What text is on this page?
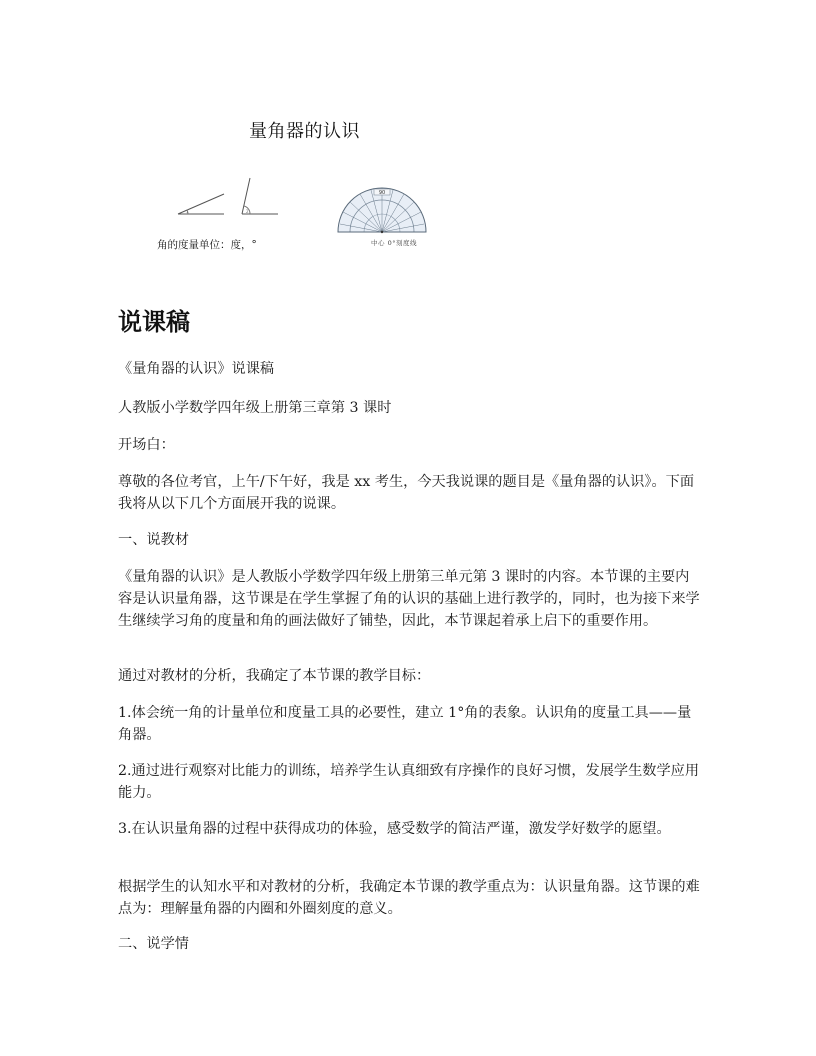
量角器的认识
1	2
90
角的度量单位：度，°	中心 0°刻度线
说课稿

《量角器的认识》说课稿

人教版小学数学四年级上册第三章第 3 课时

开场白：

尊敬的各位考官，上午/下午好，我是 xx 考生，今天我说课的题目是《量角器的认识》。下面我将从以下几个方面展开我的说课。

一、说教材

《量角器的认识》是人教版小学数学四年级上册第三单元第 3 课时的内容。本节课的主要内容是认识量角器，这节课是在学生掌握了角的认识的基础上进行教学的，同时，也为接下来学生继续学习角的度量和角的画法做好了铺垫，因此，本节课起着承上启下的重要作用。

通过对教材的分析，我确定了本节课的教学目标：

1.体会统一角的计量单位和度量工具的必要性，建立 1°角的表象。认识角的度量工具——量角器。

2.通过进行观察对比能力的训练，培养学生认真细致有序操作的良好习惯，发展学生数学应用能力。

3.在认识量角器的过程中获得成功的体验，感受数学的简洁严谨，激发学好数学的愿望。

根据学生的认知水平和对教材的分析，我确定本节课的教学重点为：认识量角器。这节课的难点为：理解量角器的内圈和外圈刻度的意义。

二、说学情
